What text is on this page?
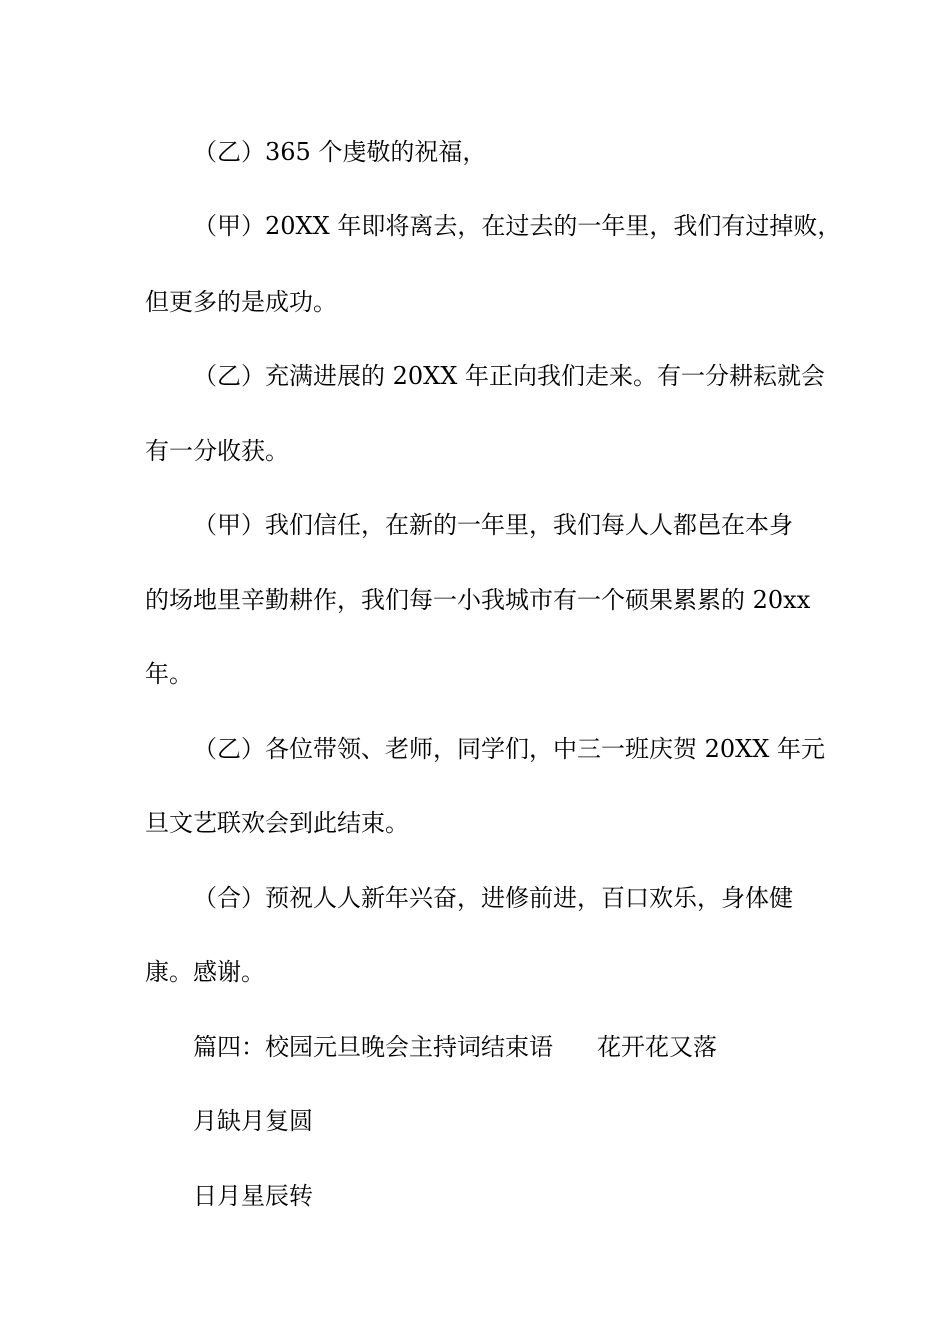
（乙）365 个虔敬的祝福，
（甲）20XX 年即将离去，在过去的一年里，我们有过掉败，
但更多的是成功。
（乙）充满进展的 20XX 年正向我们走来。有一分耕耘就会
有一分收获。
（甲）我们信任，在新的一年里，我们每人人都邑在本身
的场地里辛勤耕作，我们每一小我城市有一个硕果累累的 20xx
年。
（乙）各位带领、老师，同学们，中三一班庆贺 20XX 年元
旦文艺联欢会到此结束。
（合）预祝人人新年兴奋，进修前进，百口欢乐，身体健
康。感谢。
篇四：校园元旦晚会主持词结束语 花开花又落
月缺月复圆
日月星辰转
